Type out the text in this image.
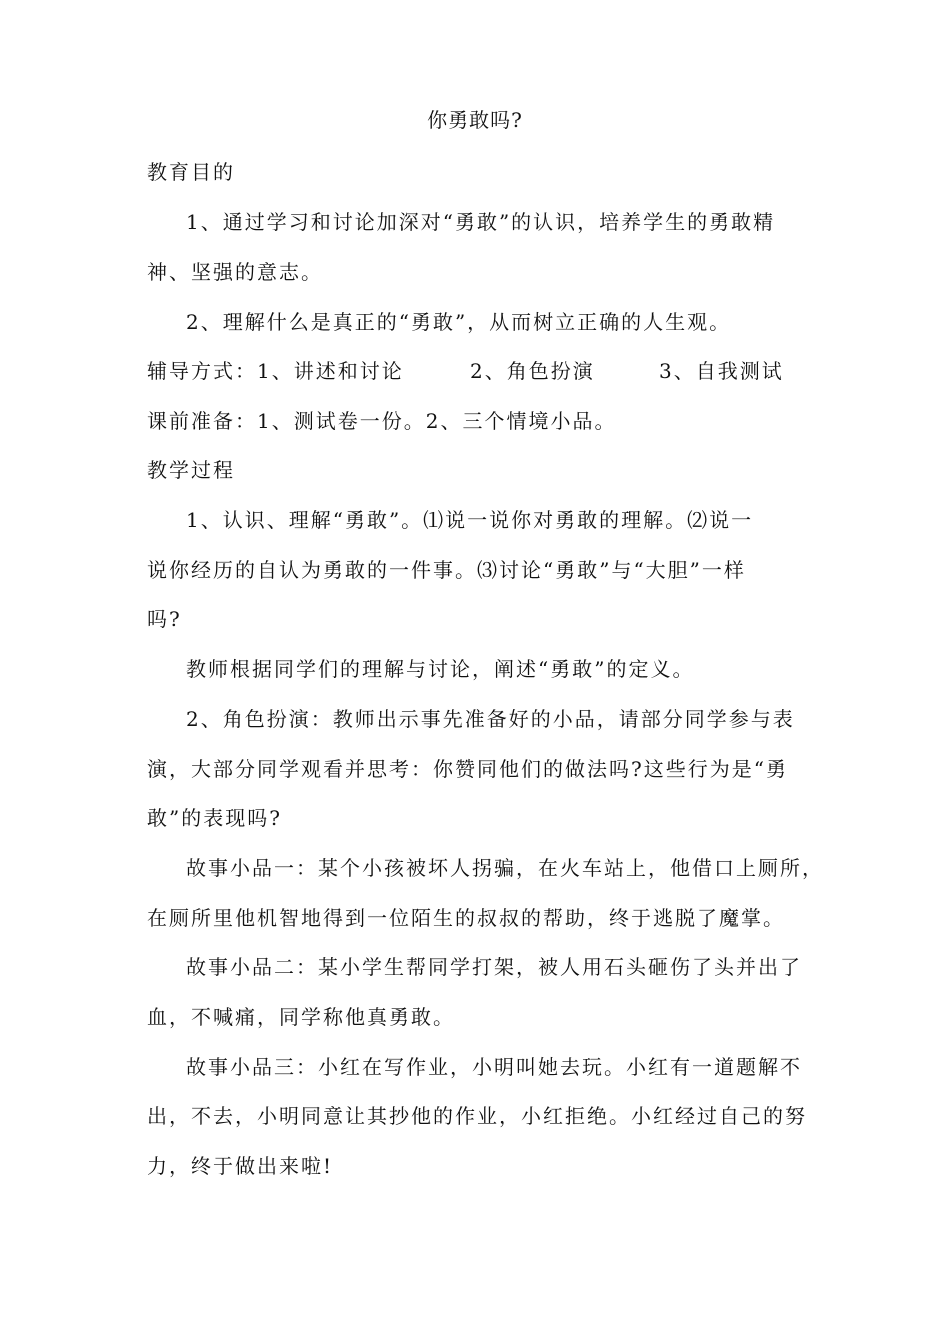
你勇敢吗?
教育目的
1、通过学习和讨论加深对“勇敢”的认识，培养学生的勇敢精
神、坚强的意志。
2、理解什么是真正的“勇敢”，从而树立正确的人生观。
辅导方式：1、讲述和讨论	2、角色扮演	3、自我测试
课前准备：1、测试卷一份。2、三个情境小品。
教学过程
1、认识、理解“勇敢”。⑴说一说你对勇敢的理解。⑵说一
说你经历的自认为勇敢的一件事。⑶讨论“勇敢”与“大胆”一样
吗?
教师根据同学们的理解与讨论，阐述“勇敢”的定义。
2、角色扮演：教师出示事先准备好的小品，请部分同学参与表
演，大部分同学观看并思考：你赞同他们的做法吗?这些行为是“勇
敢”的表现吗?
故事小品一：某个小孩被坏人拐骗，在火车站上，他借口上厕所，
在厕所里他机智地得到一位陌生的叔叔的帮助，终于逃脱了魔掌。
故事小品二：某小学生帮同学打架，被人用石头砸伤了头并出了
血，不喊痛，同学称他真勇敢。
故事小品三：小红在写作业，小明叫她去玩。小红有一道题解不
出，不去，小明同意让其抄他的作业，小红拒绝。小红经过自己的努
力，终于做出来啦!
